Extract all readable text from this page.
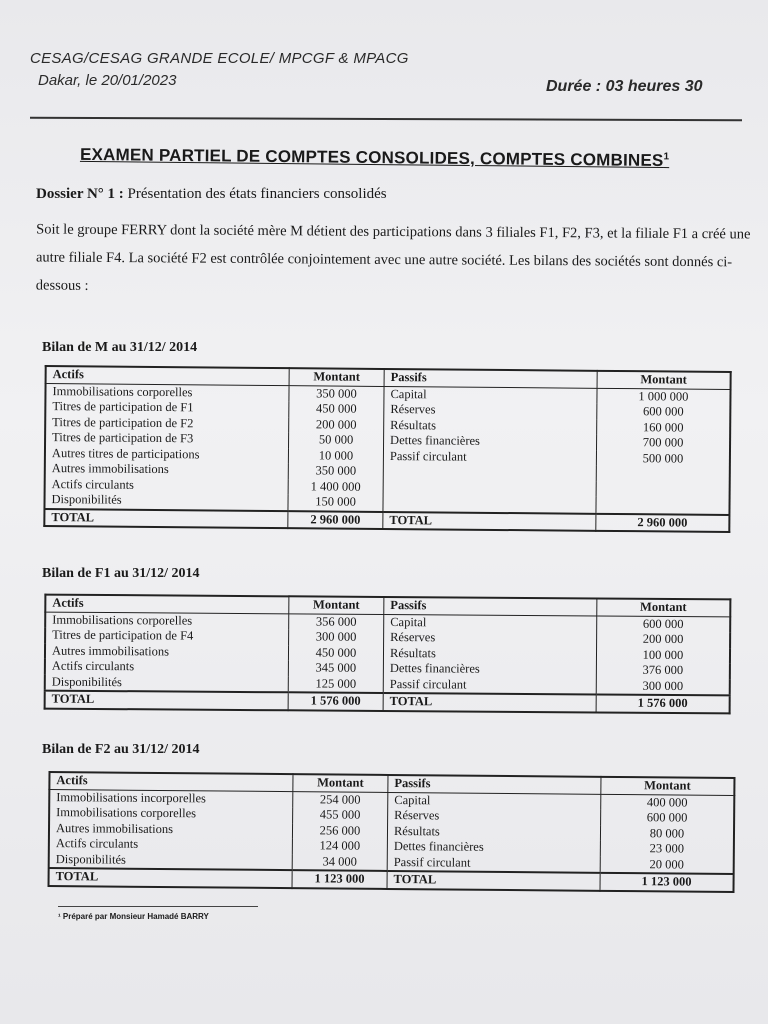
CESAG/CESAG GRANDE ECOLE/ MPCGF & MPACG
Dakar, le 20/01/2023	Durée : 03 heures 30
EXAMEN PARTIEL DE COMPTES CONSOLIDES, COMPTES COMBINES$^1$
Dossier N° 1 : Présentation des états financiers consolidés
Soit le groupe FERRY dont la société mère M détient des participations dans 3 filiales F1, F2, F3, et la filiale F1 a créé une autre filiale F4. La société F2 est contrôlée conjointement avec une autre société. Les bilans des sociétés sont donnés ci-dessous :
Bilan de M au 31/12/ 2014
Actifs	Montant	Passifs	Montant
Immobilisations corporelles	350 000	Capital	1 000 000
Titres de participation de F1	450 000	Réserves	600 000
Titres de participation de F2	200 000	Résultats	160 000
Titres de participation de F3	50 000	Dettes financières	700 000
Autres titres de participations	10 000	Passif circulant	500 000
Autres immobilisations	350 000		
Actifs circulants	1 400 000		
Disponibilités	150 000		
TOTAL	2 960 000	TOTAL	2 960 000
Bilan de F1 au 31/12/ 2014
Actifs	Montant	Passifs	Montant
Immobilisations corporelles	356 000	Capital	600 000
Titres de participation de F4	300 000	Réserves	200 000
Autres immobilisations	450 000	Résultats	100 000
Actifs circulants	345 000	Dettes financières	376 000
Disponibilités	125 000	Passif circulant	300 000
TOTAL	1 576 000	TOTAL	1 576 000
Bilan de F2 au 31/12/ 2014
Actifs	Montant	Passifs	Montant
Immobilisations incorporelles	254 000	Capital	400 000
Immobilisations corporelles	455 000	Réserves	600 000
Autres immobilisations	256 000	Résultats	80 000
Actifs circulants	124 000	Dettes financières	23 000
Disponibilités	34 000	Passif circulant	20 000
TOTAL	1 123 000	TOTAL	1 123 000
¹ Préparé par Monsieur Hamadé BARRY
